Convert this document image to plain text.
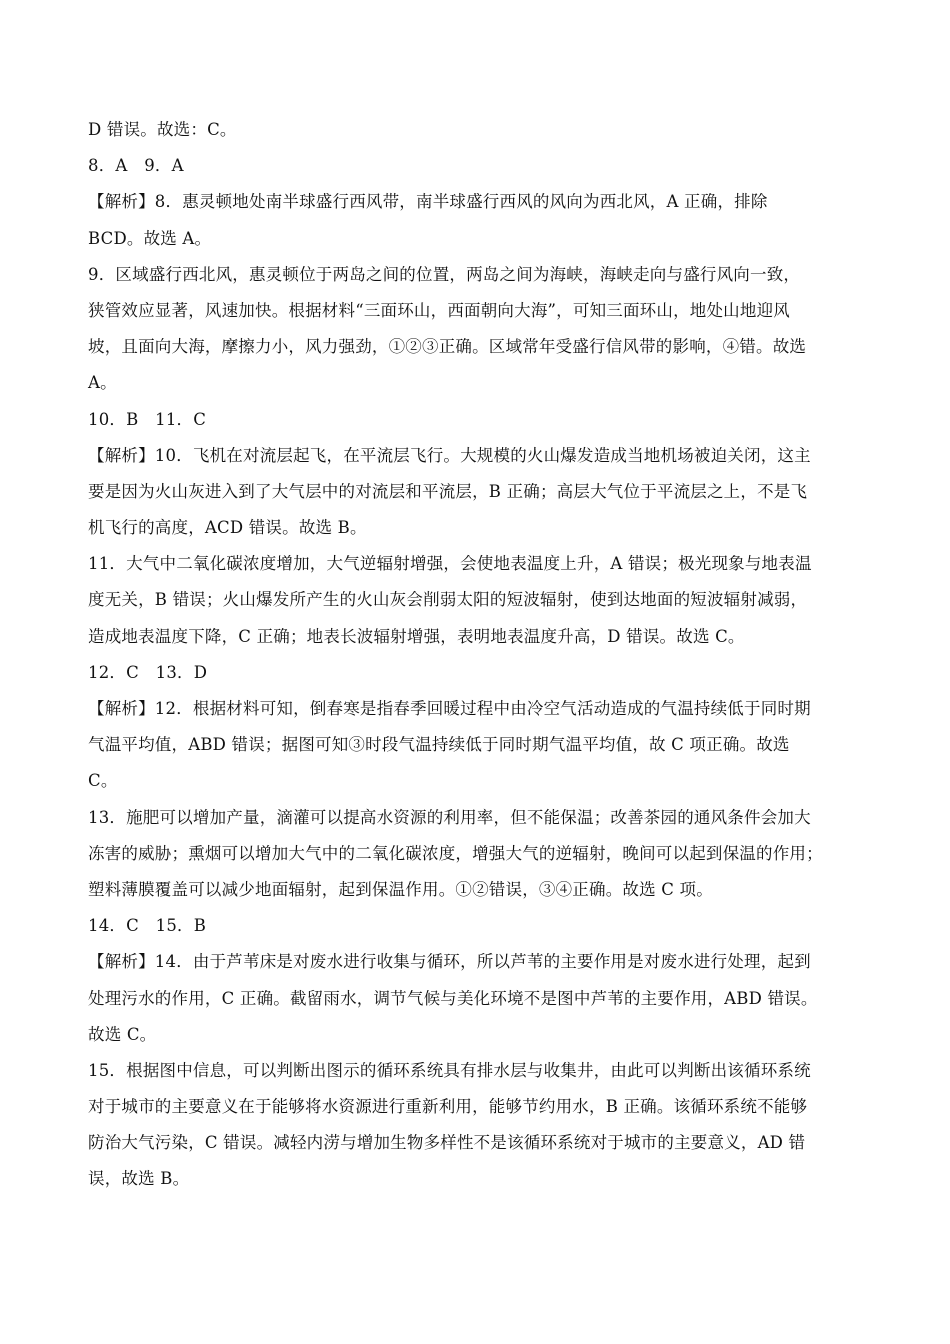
D 错误。故选：C。
8．A　9．A
【解析】8．惠灵顿地处南半球盛行西风带，南半球盛行西风的风向为西北风，A 正确，排除
BCD。故选 A。
9．区域盛行西北风，惠灵顿位于两岛之间的位置，两岛之间为海峡，海峡走向与盛行风向一致，
狭管效应显著，风速加快。根据材料“三面环山，西面朝向大海”，可知三面环山，地处山地迎风
坡，且面向大海，摩擦力小，风力强劲，①②③正确。区域常年受盛行信风带的影响，④错。故选
A。
10．B　11．C
【解析】10．飞机在对流层起飞，在平流层飞行。大规模的火山爆发造成当地机场被迫关闭，这主
要是因为火山灰进入到了大气层中的对流层和平流层，B 正确；高层大气位于平流层之上，不是飞
机飞行的高度，ACD 错误。故选 B。
11．大气中二氧化碳浓度增加，大气逆辐射增强，会使地表温度上升，A 错误；极光现象与地表温
度无关，B 错误；火山爆发所产生的火山灰会削弱太阳的短波辐射，使到达地面的短波辐射减弱，
造成地表温度下降，C 正确；地表长波辐射增强，表明地表温度升高，D 错误。故选 C。
12．C　13．D
【解析】12．根据材料可知，倒春寒是指春季回暖过程中由冷空气活动造成的气温持续低于同时期
气温平均值，ABD 错误；据图可知③时段气温持续低于同时期气温平均值，故 C 项正确。故选
C。
13．施肥可以增加产量，滴灌可以提高水资源的利用率，但不能保温；改善茶园的通风条件会加大
冻害的威胁；熏烟可以增加大气中的二氧化碳浓度，增强大气的逆辐射，晚间可以起到保温的作用；
塑料薄膜覆盖可以减少地面辐射，起到保温作用。①②错误，③④正确。故选 C 项。
14．C　15．B
【解析】14．由于芦苇床是对废水进行收集与循环，所以芦苇的主要作用是对废水进行处理，起到
处理污水的作用，C 正确。截留雨水，调节气候与美化环境不是图中芦苇的主要作用，ABD 错误。
故选 C。
15．根据图中信息，可以判断出图示的循环系统具有排水层与收集井，由此可以判断出该循环系统
对于城市的主要意义在于能够将水资源进行重新利用，能够节约用水，B 正确。该循环系统不能够
防治大气污染，C 错误。减轻内涝与增加生物多样性不是该循环系统对于城市的主要意义，AD 错
误，故选 B。
